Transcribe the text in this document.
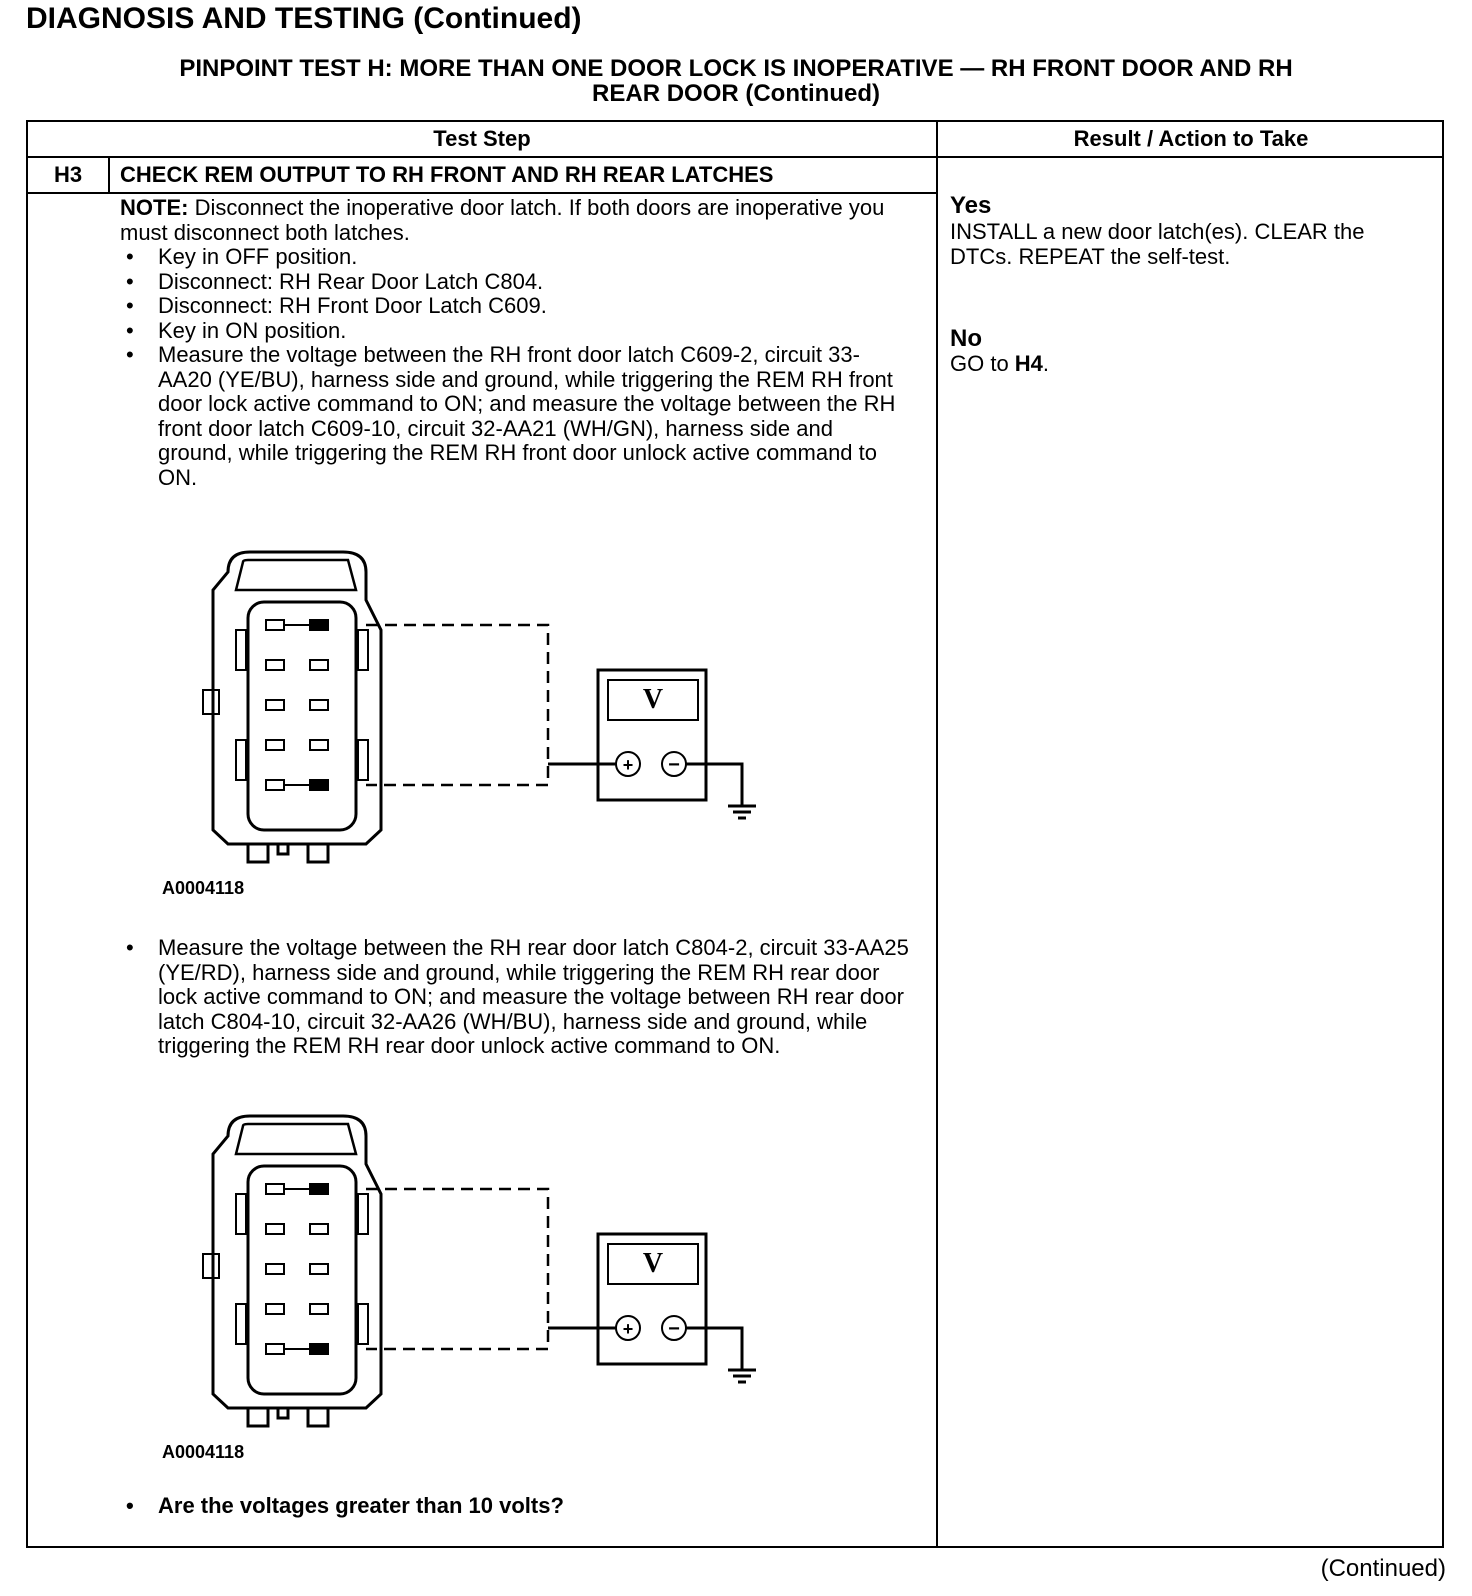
DIAGNOSIS AND TESTING (Continued)
PINPOINT TEST H: MORE THAN ONE DOOR LOCK IS INOPERATIVE — RH FRONT DOOR AND RH
REAR DOOR (Continued)
Test Step	Result / Action to Take
H3	CHECK REM OUTPUT TO RH FRONT AND RH REAR LATCHES
NOTE: Disconnect the inoperative door latch. If both doors are inoperative you must disconnect both latches.
• Key in OFF position.
• Disconnect: RH Rear Door Latch C804.
• Disconnect: RH Front Door Latch C609.
• Key in ON position.
• Measure the voltage between the RH front door latch C609-2, circuit 33-AA20 (YE/BU), harness side and ground, while triggering the REM RH front door lock active command to ON; and measure the voltage between the RH front door latch C609-10, circuit 32-AA21 (WH/GN), harness side and ground, while triggering the REM RH front door unlock active command to ON.
V
+ −
A0004118
• Measure the voltage between the RH rear door latch C804-2, circuit 33-AA25 (YE/RD), harness side and ground, while triggering the REM RH rear door lock active command to ON; and measure the voltage between RH rear door latch C804-10, circuit 32-AA26 (WH/BU), harness side and ground, while triggering the REM RH rear door unlock active command to ON.
V
+ −
A0004118
• Are the voltages greater than 10 volts?
Yes
INSTALL a new door latch(es). CLEAR the DTCs. REPEAT the self-test.
No
GO to H4.
(Continued)
